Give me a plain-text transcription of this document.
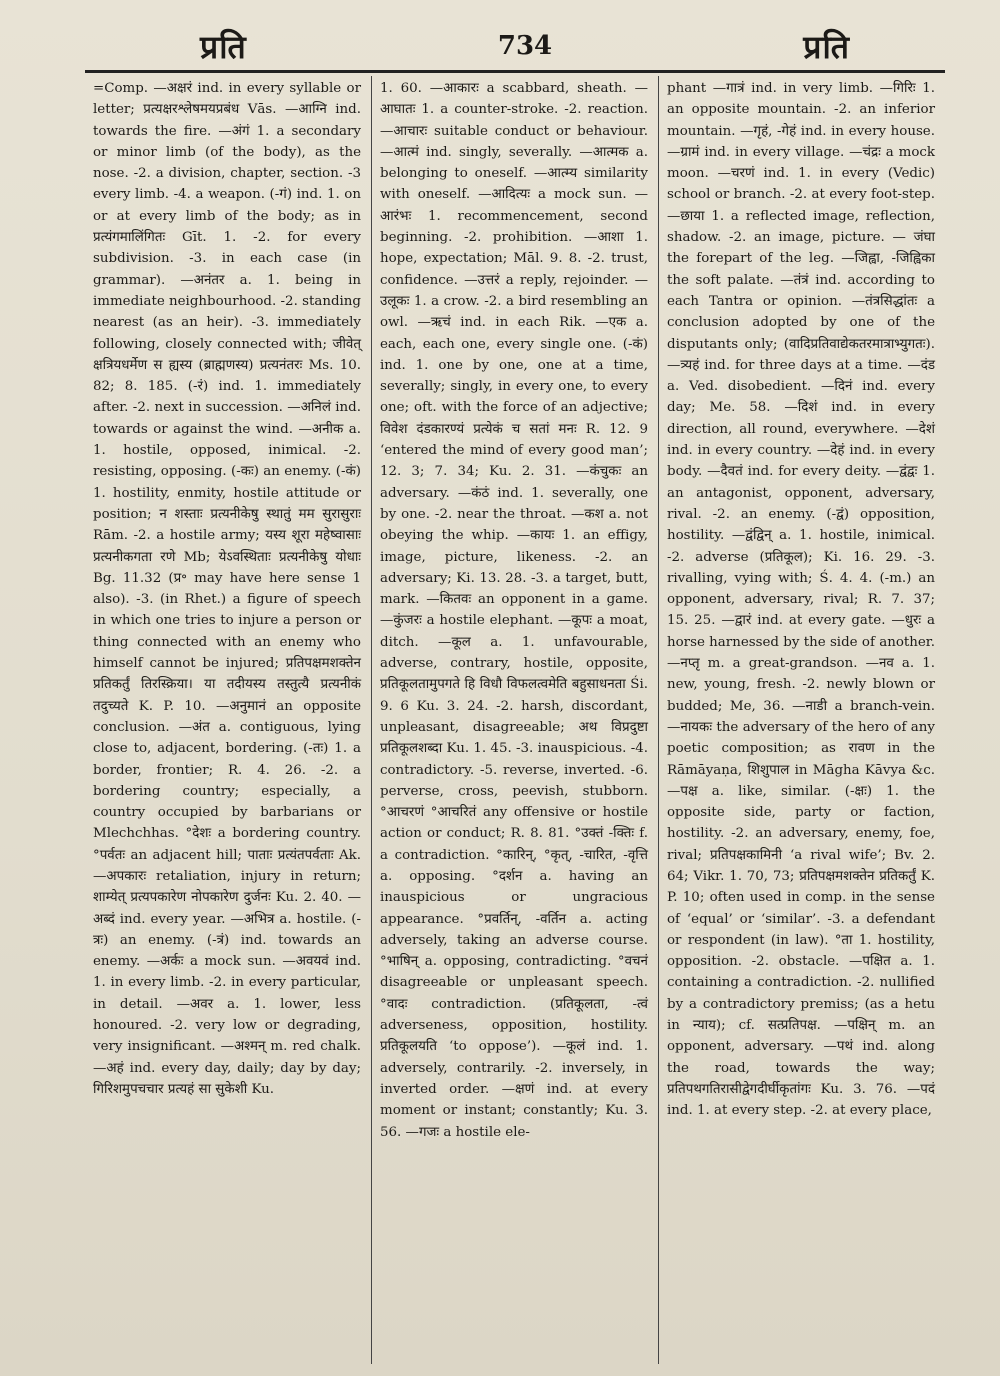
प्रति	734	प्रति

=Comp. —अक्षरं ind. in every syllable or letter; प्रत्यक्षरश्लेषमयप्रबंध Vās. —आग्नि ind. towards the fire. —अंगं 1. a secondary or minor limb (of the body), as the nose. -2. a division, chapter, section. -3 every limb. -4. a weapon. (-गं) ind. 1. on or at every limb of the body; as in प्रत्यंगमालिंगितः Gīt. 1. -2. for every subdivision. -3. in each case (in grammar). —अनंतर a. 1. being in immediate neighbourhood. -2. standing nearest (as an heir). -3. immediately following, closely connected with; जीवेत् क्षत्रियधर्मेण स ह्यस्य (ब्राह्मणस्य) प्रत्यनंतरः Ms. 10. 82; 8. 185. (-रं) ind. 1. immediately after. -2. next in succession. —अनिलं ind. towards or against the wind. —अनीक a. 1. hostile, opposed, inimical. -2. resisting, opposing. (-कः) an enemy. (-कं) 1. hostility, enmity, hostile attitude or position; न शस्ताः प्रत्यनीकेषु स्थातुं मम सुरासुराः Rām. -2. a hostile army; यस्य शूरा महेष्वासाः प्रत्यनीकगता रणे Mb; येऽवस्थिताः प्रत्यनीकेषु योधाः Bg. 11.32 (प्र॰ may have here sense 1 also). -3. (in Rhet.) a figure of speech in which one tries to injure a person or thing connected with an enemy who himself cannot be injured; प्रतिपक्षमशक्तेन प्रतिकर्तुं तिरस्क्रिया। या तदीयस्य तस्तुत्यै प्रत्यनीकं तदुच्यते K. P. 10. —अनुमानं an opposite conclusion. —अंत a. contiguous, lying close to, adjacent, bordering. (-तः) 1. a border, frontier; R. 4. 26. -2. a bordering country; especially, a country occupied by barbarians or Mlechchhas. °देशः a bordering country. °पर्वतः an adjacent hill; पाताः प्रत्यंतपर्वताः Ak. —अपकारः retaliation, injury in return; शाम्येत् प्रत्यपकारेण नोपकारेण दुर्जनः Ku. 2. 40. —अब्दं ind. every year. —अभित्र a. hostile. (-त्रः) an enemy. (-त्रं) ind. towards an enemy. —अर्कः a mock sun. —अवयवं ind. 1. in every limb. -2. in every particular, in detail. —अवर a. 1. lower, less honoured. -2. very low or degrading, very insignificant. —अश्मन् m. red chalk. —अहं ind. every day, daily; day by day; गिरिशमुपचचार प्रत्यहं सा सुकेशी Ku.

1. 60. —आकारः a scabbard, sheath. —आघातः 1. a counter-stroke. -2. reaction. —आचारः suitable conduct or behaviour. —आत्मं ind. singly, severally. —आत्मक a. belonging to oneself. —आत्म्य similarity with oneself. —आदित्यः a mock sun. —आरंभः 1. recommencement, second beginning. -2. prohibition. —आशा 1. hope, expectation; Māl. 9. 8. -2. trust, confidence. —उत्तरं a reply, rejoinder. —उलूकः 1. a crow. -2. a bird resembling an owl. —ऋचं ind. in each Rik. —एक a. each, each one, every single one. (-कं) ind. 1. one by one, one at a time, severally; singly, in every one, to every one; oft. with the force of an adjective; विवेश दंडकारण्यं प्रत्येकं च सतां मनः R. 12. 9 ‘entered the mind of every good man’; 12. 3; 7. 34; Ku. 2. 31. —कंचुकः an adversary. —कंठं ind. 1. severally, one by one. -2. near the throat. —कश a. not obeying the whip. —कायः 1. an effigy, image, picture, likeness. -2. an adversary; Ki. 13. 28. -3. a target, butt, mark. —कितवः an opponent in a game. —कुंजरः a hostile elephant. —कूपः a moat, ditch. —कूल a. 1. unfavourable, adverse, contrary, hostile, opposite, प्रतिकूलतामुपगते हि विधौ विफलत्वमेति बहुसाधनता Śi. 9. 6 Ku. 3. 24. -2. harsh, discordant, unpleasant, disagreeable; अथ विप्रदुष्टा प्रतिकूलशब्दा Ku. 1. 45. -3. inauspicious. -4. contradictory. -5. reverse, inverted. -6. perverse, cross, peevish, stubborn. °आचरणं °आचरितं any offensive or hostile action or conduct; R. 8. 81. °उक्तं -क्तिः f. a contradiction. °कारिन्, °कृत्, -चारित, -वृत्ति a. opposing. °दर्शन a. having an inauspicious or ungracious appearance. °प्रवर्तिन्, -वर्तिन a. acting adversely, taking an adverse course. °भाषिन् a. opposing, contradicting. °वचनं disagreeable or unpleasant speech. °वादः contradiction. (प्रतिकूलता, -त्वं adverseness, opposition, hostility. प्रतिकूलयति ‘to oppose’). —कूलं ind. 1. adversely, contrarily. -2. inversely, in inverted order. —क्षणं ind. at every moment or instant; constantly; Ku. 3. 56. —गजः a hostile ele-

phant —गात्रं ind. in very limb. —गिरिः 1. an opposite mountain. -2. an inferior mountain. —गृहं, -गेहं ind. in every house. —ग्रामं ind. in every village. —चंद्रः a mock moon. —चरणं ind. 1. in every (Vedic) school or branch. -2. at every foot-step. —छाया 1. a reflected image, reflection, shadow. -2. an image, picture. — जंघा the forepart of the leg. —जिह्वा, -जिह्विका the soft palate. —तंत्रं ind. according to each Tantra or opinion. —तंत्रसिद्धांतः a conclusion adopted by one of the disputants only; (वादिप्रतिवाद्येकतरमात्राभ्युगतः). —त्र्यहं ind. for three days at a time. —दंड a. Ved. disobedient. —दिनं ind. every day; Me. 58. —दिशं ind. in every direction, all round, everywhere. —देशं ind. in every country. —देहं ind. in every body. —दैवतं ind. for every deity. —द्वंद्वः 1. an antagonist, opponent, adversary, rival. -2. an enemy. (-द्वं) opposition, hostility. —द्वंद्विन् a. 1. hostile, inimical. -2. adverse (प्रतिकूल); Ki. 16. 29. -3. rivalling, vying with; Ś. 4. 4. (-m.) an opponent, adversary, rival; R. 7. 37; 15. 25. —द्वारं ind. at every gate. —धुरः a horse harnessed by the side of another. —नप्तृ m. a great-grandson. —नव a. 1. new, young, fresh. -2. newly blown or budded; Me, 36. —नाडी a branch-vein. —नायकः the adversary of the hero of any poetic composition; as रावण in the Rāmāyaṇa, शिशुपाल in Māgha Kāvya &c. —पक्ष a. like, similar. (-क्षः) 1. the opposite side, party or faction, hostility. -2. an adversary, enemy, foe, rival; प्रतिपक्षकामिनी ‘a rival wife’; Bv. 2. 64; Vikr. 1. 70, 73; प्रतिपक्षमशक्तेन प्रतिकर्तुं K. P. 10; often used in comp. in the sense of ‘equal’ or ‘similar’. -3. a defendant or respondent (in law). °ता 1. hostility, opposition. -2. obstacle. —पक्षित a. 1. containing a contradiction. -2. nullified by a contradictory premiss; (as a hetu in न्याय); cf. सत्प्रतिपक्ष. —पक्षिन् m. an opponent, adversary. —पथं ind. along the road, towards the way; प्रतिपथगतिरासीद्वेगदीर्घीकृतांगः Ku. 3. 76. —पदं ind. 1. at every step. -2. at every place,
